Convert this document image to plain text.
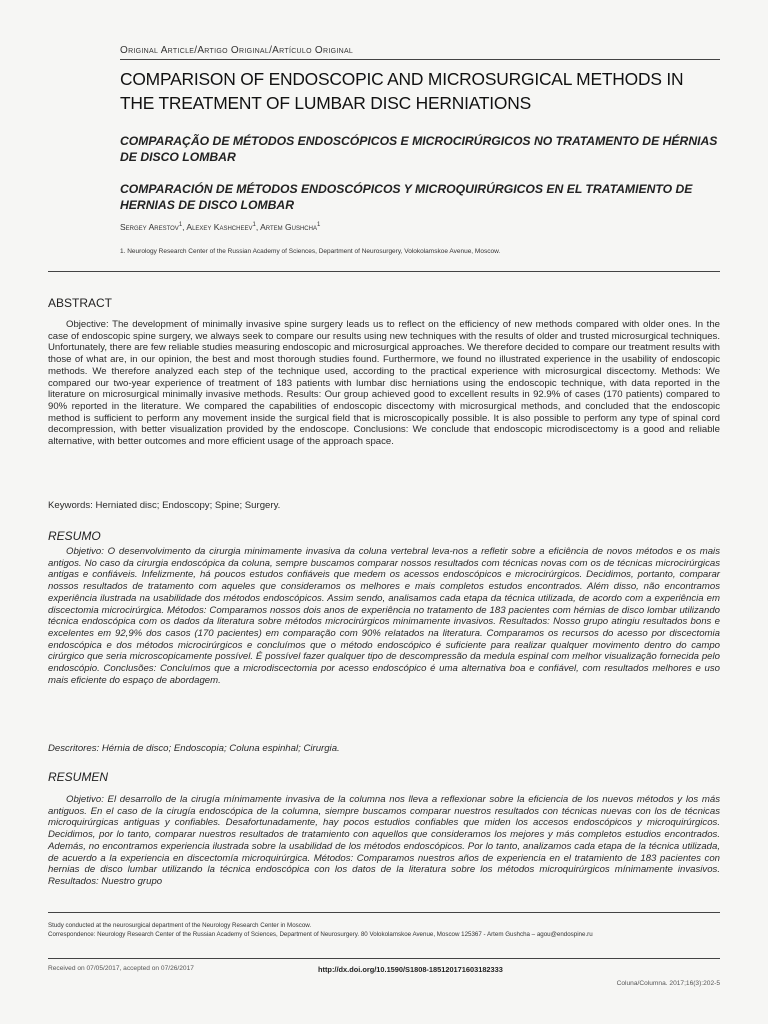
Original Article/Artigo Original/Artículo Original
COMPARISON OF ENDOSCOPIC AND MICROSURGICAL METHODS IN THE TREATMENT OF LUMBAR DISC HERNIATIONS
COMPARAÇÃO DE MÉTODOS ENDOSCÓPICOS E MICROCIRÚRGICOS NO TRATAMENTO DE HÉRNIAS DE DISCO LOMBAR
COMPARACIÓN DE MÉTODOS ENDOSCÓPICOS Y MICROQUIRÚRGICOS EN EL TRATAMIENTO DE HERNIAS DE DISCO LOMBAR
Sergey Arestov$^1$, Alexey Kashcheev$^1$, Artem Gushcha$^1$
1. Neurology Research Center of the Russian Academy of Sciences, Department of Neurosurgery, Volokolamskoe Avenue, Moscow.
ABSTRACT

Objective: The development of minimally invasive spine surgery leads us to reflect on the efficiency of new methods compared with older ones. In the case of endoscopic spine surgery, we always seek to compare our results using new techniques with the results of older and trusted microsurgical techniques. Unfortunately, there are few reliable studies measuring endoscopic and microsurgical approaches. We therefore decided to compare our treatment results with those of what are, in our opinion, the best and most thorough studies found. Furthermore, we found no illustrated experience in the usability of endoscopic methods. We therefore analyzed each step of the technique used, according to the practical experience with microsurgical discectomy. Methods: We compared our two-year experience of treatment of 183 patients with lumbar disc herniations using the endoscopic technique, with data reported in the literature on microsurgical minimally invasive methods. Results: Our group achieved good to excellent results in 92.9% of cases (170 patients) compared to 90% reported in the literature. We compared the capabilities of endoscopic discectomy with microsurgical methods, and concluded that the endoscopic method is sufficient to perform any movement inside the surgical field that is microscopically possible. It is also possible to perform any type of spinal cord decompression, with better visualization provided by the endoscope. Conclusions: We conclude that endoscopic microdiscectomy is a good and reliable alternative, with better outcomes and more efficient usage of the approach space.

Keywords: Herniated disc; Endoscopy; Spine; Surgery.

RESUMO

Objetivo: O desenvolvimento da cirurgia minimamente invasiva da coluna vertebral leva-nos a refletir sobre a eficiência de novos métodos e os mais antigos. No caso da cirurgia endoscópica da coluna, sempre buscamos comparar nossos resultados com técnicas novas com os de técnicas microcirúrgicas antigas e confiáveis. Infelizmente, há poucos estudos confiáveis que medem os acessos endoscópicos e microcirúrgicos. Decidimos, portanto, comparar nossos resultados de tratamento com aqueles que consideramos os melhores e mais completos estudos encontrados. Além disso, não encontramos experiência ilustrada na usabilidade dos métodos endoscópicos. Assim sendo, analisamos cada etapa da técnica utilizada, de acordo com a experiência em discectomia microcirúrgica. Métodos: Comparamos nossos dois anos de experiência no tratamento de 183 pacientes com hérnias de disco lombar utilizando técnica endoscópica com os dados da literatura sobre métodos microcirúrgicos minimamente invasivos. Resultados: Nosso grupo atingiu resultados bons e excelentes em 92,9% dos casos (170 pacientes) em comparação com 90% relatados na literatura. Comparamos os recursos do acesso por discectomia endoscópica e dos métodos microcirúrgicos e concluímos que o método endoscópico é suficiente para realizar qualquer movimento dentro do campo cirúrgico que seria microscopicamente possível. É possível fazer qualquer tipo de descompressão da medula espinal com melhor visualização fornecida pelo endoscópio. Conclusões: Concluímos que a microdiscectomia por acesso endoscópico é uma alternativa boa e confiável, com resultados melhores e uso mais eficiente do espaço de abordagem.

Descritores: Hérnia de disco; Endoscopia; Coluna espinhal; Cirurgia.

RESUMEN

Objetivo: El desarrollo de la cirugía mínimamente invasiva de la columna nos lleva a reflexionar sobre la eficiencia de los nuevos métodos y los más antiguos. En el caso de la cirugía endoscópica de la columna, siempre buscamos comparar nuestros resultados con técnicas nuevas con los de técnicas microquirúrgicas antiguas y confiables. Desafortunadamente, hay pocos estudios confiables que miden los accesos endoscópicos y microquirúrgicos. Decidimos, por lo tanto, comparar nuestros resultados de tratamiento con aquellos que consideramos los mejores y más completos estudios encontrados. Además, no encontramos experiencia ilustrada sobre la usabilidad de los métodos endoscópicos. Por lo tanto, analizamos cada etapa de la técnica utilizada, de acuerdo a la experiencia en discectomía microquirúrgica. Métodos: Comparamos nuestros años de experiencia en el tratamiento de 183 pacientes con hernias de disco lumbar utilizando la técnica endoscópica con los datos de la literatura sobre los métodos microquirúrgicos mínimamente invasivos. Resultados: Nuestro grupo

Study conducted at the neurosurgical department of the Neurology Research Center in Moscow.
Correspondence: Neurology Research Center of the Russian Academy of Sciences, Department of Neurosurgery. 80 Volokolamskoe Avenue, Moscow 125367 - Artem Gushcha – agou@endospine.ru
Received on 07/05/2017, accepted on 07/26/2017	http://dx.doi.org/10.1590/S1808-185120171603182333
Coluna/Columna. 2017;16(3):202-5
